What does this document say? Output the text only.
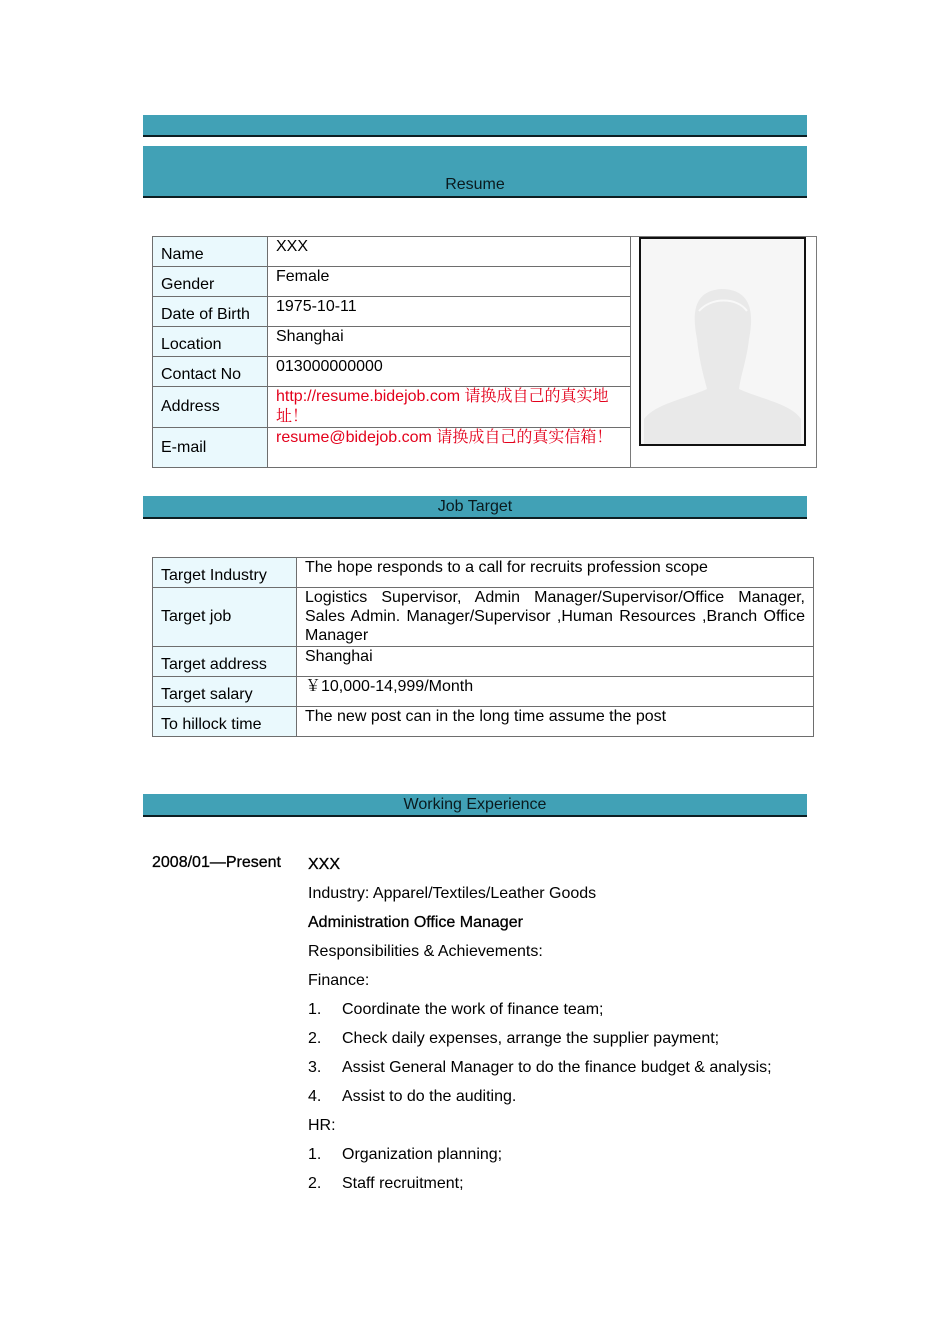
Resume
Name	XXX	

Gender	Female	
Date of Birth	1975-10-11	
Location	Shanghai	
Contact No	013000000000	
Address	http://resume.bidejob.com 请换成自己的真实地址！	
E-mail	resume@bidejob.com 请换成自己的真实信箱！	
Job Target
Target Industry	The hope responds to a call for recruits profession scope
Target job	Logistics Supervisor, Admin Manager/Supervisor/Office Manager, Sales Admin. Manager/Supervisor ,Human Resources ,Branch Office Manager
Target address	Shanghai
Target salary	￥10,000-14,999/Month
To hillock time	The new post can in the long time assume the post
Working Experience
2008/01—Present XXX
Industry: Apparel/Textiles/Leather Goods
Administration Office Manager
Responsibilities & Achievements:
Finance:
1. Coordinate the work of finance team;
2. Check daily expenses, arrange the supplier payment;
3. Assist General Manager to do the finance budget & analysis;
4. Assist to do the auditing.
HR:
1. Organization planning;
2. Staff recruitment;
